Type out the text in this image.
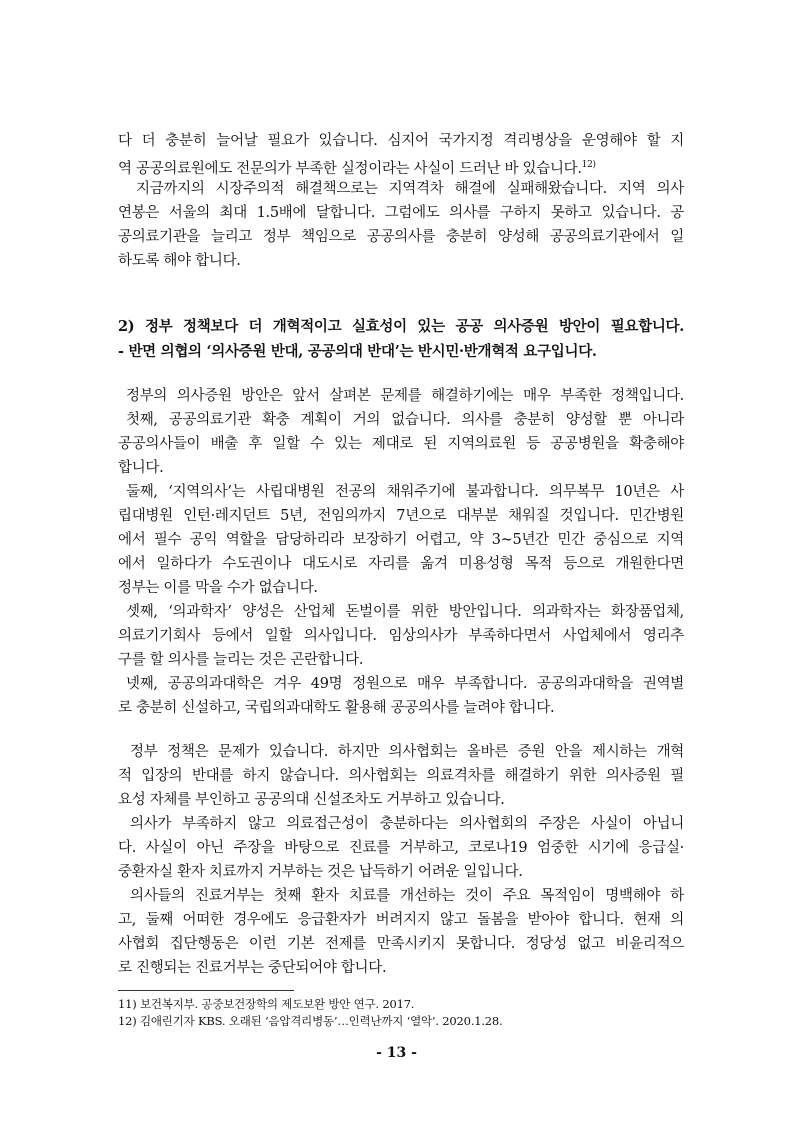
다 더 충분히 늘어날 필요가 있습니다. 심지어 국가지정 격리병상을 운영해야 할 지
역 공공의료원에도 전문의가 부족한 실정이라는 사실이 드러난 바 있습니다.$^{12)}$
지금까지의 시장주의적 해결책으로는 지역격차 해결에 실패해왔습니다. 지역 의사
연봉은 서울의 최대 1.5배에 달합니다. 그럼에도 의사를 구하지 못하고 있습니다. 공
공의료기관을 늘리고 정부 책임으로 공공의사를 충분히 양성해 공공의료기관에서 일
하도록 해야 합니다.
2) 정부 정책보다 더 개혁적이고 실효성이 있는 공공 의사증원 방안이 필요합니다.
- 반면 의협의 ‘의사증원 반대, 공공의대 반대’는 반시민·반개혁적 요구입니다.
정부의 의사증원 방안은 앞서 살펴본 문제를 해결하기에는 매우 부족한 정책입니다.
첫째, 공공의료기관 확충 계획이 거의 없습니다. 의사를 충분히 양성할 뿐 아니라
공공의사들이 배출 후 일할 수 있는 제대로 된 지역의료원 등 공공병원을 확충해야
합니다.
둘째, ‘지역의사’는 사립대병원 전공의 채워주기에 불과합니다. 의무복무 10년은 사
립대병원 인턴·레지던트 5년, 전임의까지 7년으로 대부분 채워질 것입니다. 민간병원
에서 필수 공익 역할을 담당하리라 보장하기 어렵고, 약 3~5년간 민간 중심으로 지역
에서 일하다가 수도권이나 대도시로 자리를 옮겨 미용성형 목적 등으로 개원한다면
정부는 이를 막을 수가 없습니다.
셋째, ‘의과학자’ 양성은 산업체 돈벌이를 위한 방안입니다. 의과학자는 화장품업체,
의료기기회사 등에서 일할 의사입니다. 임상의사가 부족하다면서 사업체에서 영리추
구를 할 의사를 늘리는 것은 곤란합니다.
넷째, 공공의과대학은 겨우 49명 정원으로 매우 부족합니다. 공공의과대학을 권역별
로 충분히 신설하고, 국립의과대학도 활용해 공공의사를 늘려야 합니다.
정부 정책은 문제가 있습니다. 하지만 의사협회는 올바른 증원 안을 제시하는 개혁
적 입장의 반대를 하지 않습니다. 의사협회는 의료격차를 해결하기 위한 의사증원 필
요성 자체를 부인하고 공공의대 신설조차도 거부하고 있습니다.
의사가 부족하지 않고 의료접근성이 충분하다는 의사협회의 주장은 사실이 아닙니
다. 사실이 아닌 주장을 바탕으로 진료를 거부하고, 코로나19 엄중한 시기에 응급실·
중환자실 환자 치료까지 거부하는 것은 납득하기 어려운 일입니다.
의사들의 진료거부는 첫째 환자 치료를 개선하는 것이 주요 목적임이 명백해야 하
고, 둘째 어떠한 경우에도 응급환자가 버려지지 않고 돌봄을 받아야 합니다. 현재 의
사협회 집단행동은 이런 기본 전제를 만족시키지 못합니다. 정당성 없고 비윤리적으
로 진행되는 진료거부는 중단되어야 합니다.
11) 보건복지부. 공중보건장학의 제도보완 방안 연구. 2017.
12) 김애린기자 KBS. 오래된 ‘음압격리병동’…인력난까지 ‘열악’. 2020.1.28.
- 13 -
